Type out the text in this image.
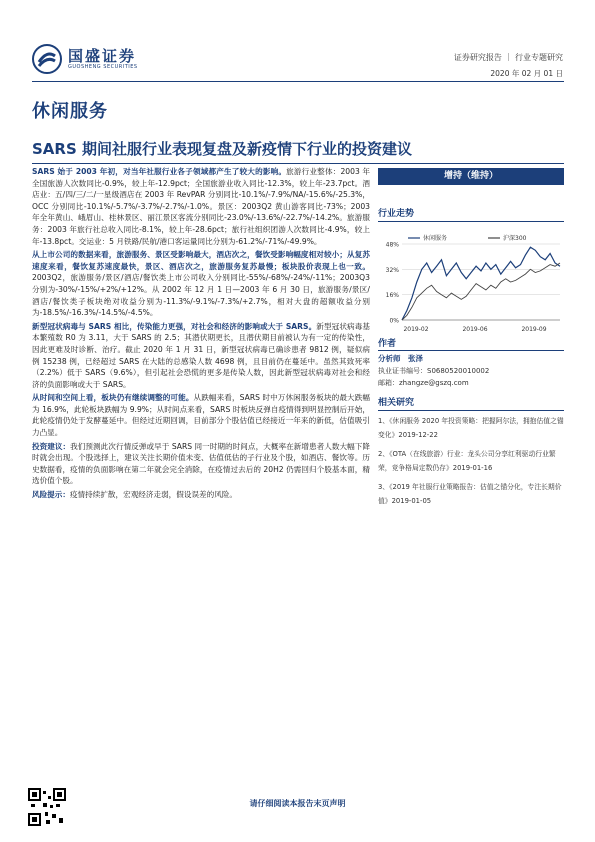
国盛证券
GUOSHENG SECURITIES
证券研究报告 ｜ 行业专题研究
2020 年 02 月 01 日
休闲服务
SARS 期间社服行业表现复盘及新疫情下行业的投资建议

SARS 始于 2003 年初，对当年社服行业各子领域都产生了较大的影响。旅游行业整体：2003 年全国旅游人次数同比-0.9%，较上年-12.9pct；全国旅游业收入同比-12.3%，较上年-23.7pct。酒店业：五/四/三/二/一星级酒店在 2003 年 RevPAR 分别同比-10.1%/-7.9%/NA/-15.6%/-25.3%，OCC 分别同比-10.1%/-5.7%/-3.7%/-2.7%/-1.0%。景区：2003Q2 黄山游客同比-73%；2003 年全年黄山、峨眉山、桂林景区、丽江景区客流分别同比-23.0%/-13.6%/-22.7%/-14.2%。旅游服务：2003 年旅行社总收入同比-8.1%，较上年-28.6pct；旅行社组织团游人次数同比-4.9%，较上年-13.8pct。交运业：5 月铁路/民航/港口客运量同比分别为-61.2%/-71%/-49.9%。

从上市公司的数据来看，旅游服务、景区受影响最大，酒店次之，餐饮受影响幅度相对较小；从复苏速度来看，餐饮复苏速度最快，景区、酒店次之，旅游服务复苏最慢；板块股价表现上也一致。2003Q2，旅游服务/景区/酒店/餐饮类上市公司收入分别同比-55%/-68%/-24%/-11%；2003Q3 分别为-30%/-15%/+2%/+12%。从 2002 年 12 月 1 日—2003 年 6 月 30 日，旅游服务/景区/酒店/餐饮类子板块绝对收益分别为-11.3%/-9.1%/-7.3%/+2.7%，相对大盘的超额收益分别为-18.5%/-16.3%/-14.5%/-4.5%。

新型冠状病毒与 SARS 相比，传染能力更强，对社会和经济的影响或大于 SARS。新型冠状病毒基本繁殖数 R0 为 3.11，大于 SARS 的 2.5；其潜伏期更长，且潜伏期目前被认为有一定的传染性，因此更难及时诊断、治疗。截止 2020 年 1 月 31 日，新型冠状病毒已确诊患者 9812 例，疑似病例 15238 例，已经超过 SARS 在大陆的总感染人数 4698 例，且目前仍在蔓延中。虽然其致死率（2.2%）低于 SARS（9.6%），但引起社会恐慌的更多是传染人数，因此新型冠状病毒对社会和经济的负面影响或大于 SARS。

从时间和空间上看，板块仍有继续调整的可能。从跌幅来看，SARS 时中万休闲服务板块的最大跌幅为 16.9%，此轮板块跌幅为 9.9%；从时间点来看，SARS 时板块反弹自疫情得到明显控制后开始，此轮疫情仍处于发酵蔓延中。但经过近期回调，目前部分个股估值已经接近一年来的新低，估值吸引力凸显。

投资建议：我们预测此次行情反弹或早于 SARS 同一时期的时间点，大概率在新增患者人数大幅下降时就会出现。个股选择上，建议关注长期价值未变、估值低估的子行业及个股，如酒店、餐饮等。历史数据看，疫情的负面影响在第二年就会完全消除，在疫情过去后的 20H2 仍需回归个股基本面，精选价值个股。

风险提示：疫情持续扩散，宏观经济走弱，假设误差的风险。

增持（维持）
行业走势
48%
32%
16%
0%
2019-02	2019-06	2019-09
休闲服务	沪深300
作者
分析师　张泽
执业证书编号：S0680520010002
邮箱：zhangze@gszq.com
相关研究
1、《休闲服务 2020 年投资策略：把握阿尔法，拥抱估值之锚变化》2019-12-22
2、《OTA（在线旅游）行业：龙头公司分享红利驱动行业繁荣，竞争格局定数仍存》2019-01-16
3、《2019 年社服行业策略报告：估值之锚分化，专注长期价值》2019-01-05
请仔细阅读本报告末页声明
